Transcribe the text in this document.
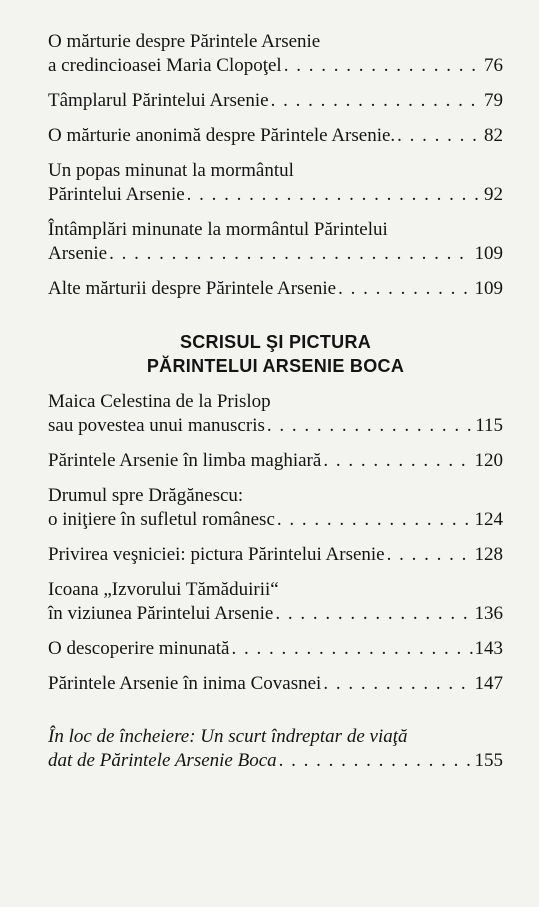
O mărturie despre Părintele Arsenie
a credincioasei Maria Clopoţel . . .	76
Tâmplarul Părintelui Arsenie . . .	79
O mărturie anonimă despre Părintele Arsenie. . . .	82
Un popas minunat la mormântul
Părintelui Arsenie . . .	92
Întâmplări minunate la mormântul Părintelui
Arsenie . . .	109
Alte mărturii despre Părintele Arsenie . . .	109
SCRISUL ŞI PICTURA
PĂRINTELUI ARSENIE BOCA
Maica Celestina de la Prislop
sau povestea unui manuscris . . .	115
Părintele Arsenie în limba maghiară . . .	120
Drumul spre Drăgănescu:
o iniţiere în sufletul românesc . . .	124
Privirea veşniciei: pictura Părintelui Arsenie . . .	128
Icoana „Izvorului Tămăduirii“
în viziunea Părintelui Arsenie . . .	136
O descoperire minunată . . .	143
Părintele Arsenie în inima Covasnei . . .	147
În loc de încheiere: Un scurt îndreptar de viaţă
dat de Părintele Arsenie Boca . . .	155
